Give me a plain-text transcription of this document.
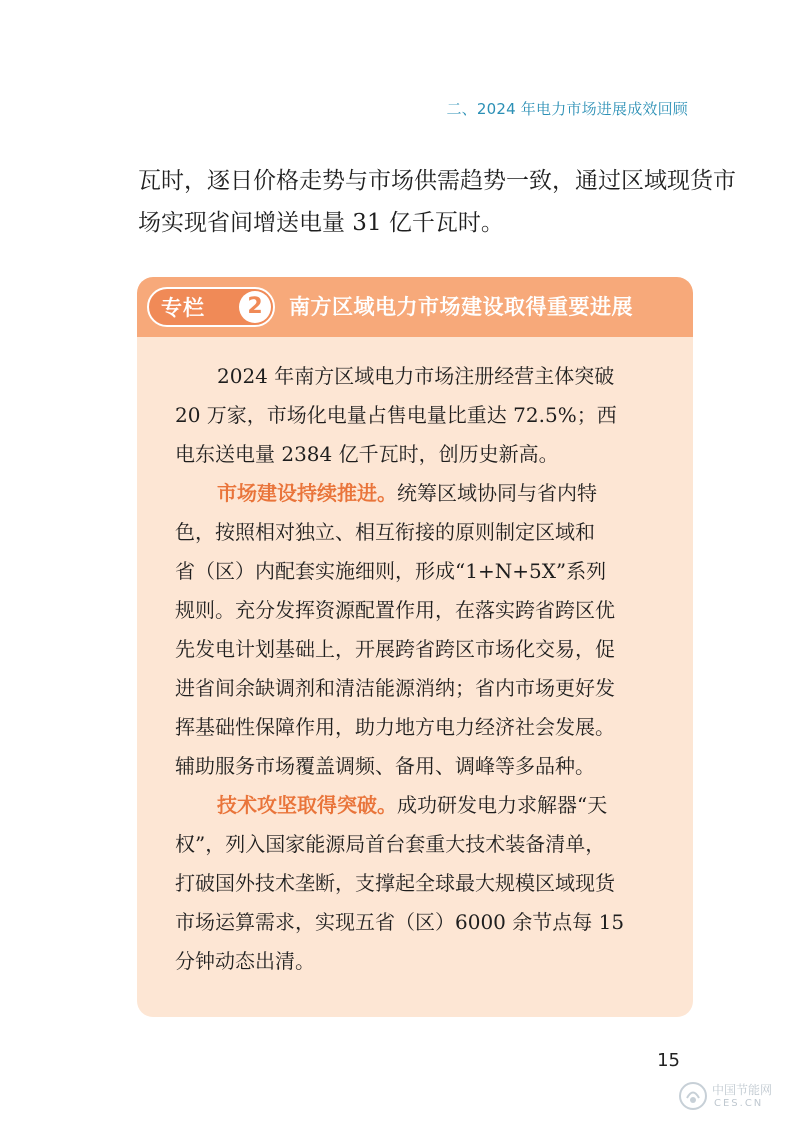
二、2024 年电力市场进展成效回顾
瓦时，逐日价格走势与市场供需趋势一致，通过区域现货市
场实现省间增送电量 31 亿千瓦时。
专栏	2	南方区域电力市场建设取得重要进展

2024 年南方区域电力市场注册经营主体突破
20 万家，市场化电量占售电量比重达 72.5%；西
电东送电量 2384 亿千瓦时，创历史新高。

市场建设持续推进。统筹区域协同与省内特
色，按照相对独立、相互衔接的原则制定区域和
省（区）内配套实施细则，形成“1+N+5X”系列
规则。充分发挥资源配置作用，在落实跨省跨区优
先发电计划基础上，开展跨省跨区市场化交易，促
进省间余缺调剂和清洁能源消纳；省内市场更好发
挥基础性保障作用，助力地方电力经济社会发展。
辅助服务市场覆盖调频、备用、调峰等多品种。

技术攻坚取得突破。成功研发电力求解器“天
权”，列入国家能源局首台套重大技术装备清单，
打破国外技术垄断，支撑起全球最大规模区域现货
市场运算需求，实现五省（区）6000 余节点每 15
分钟动态出清。

15
中国节能网
CES.CN
